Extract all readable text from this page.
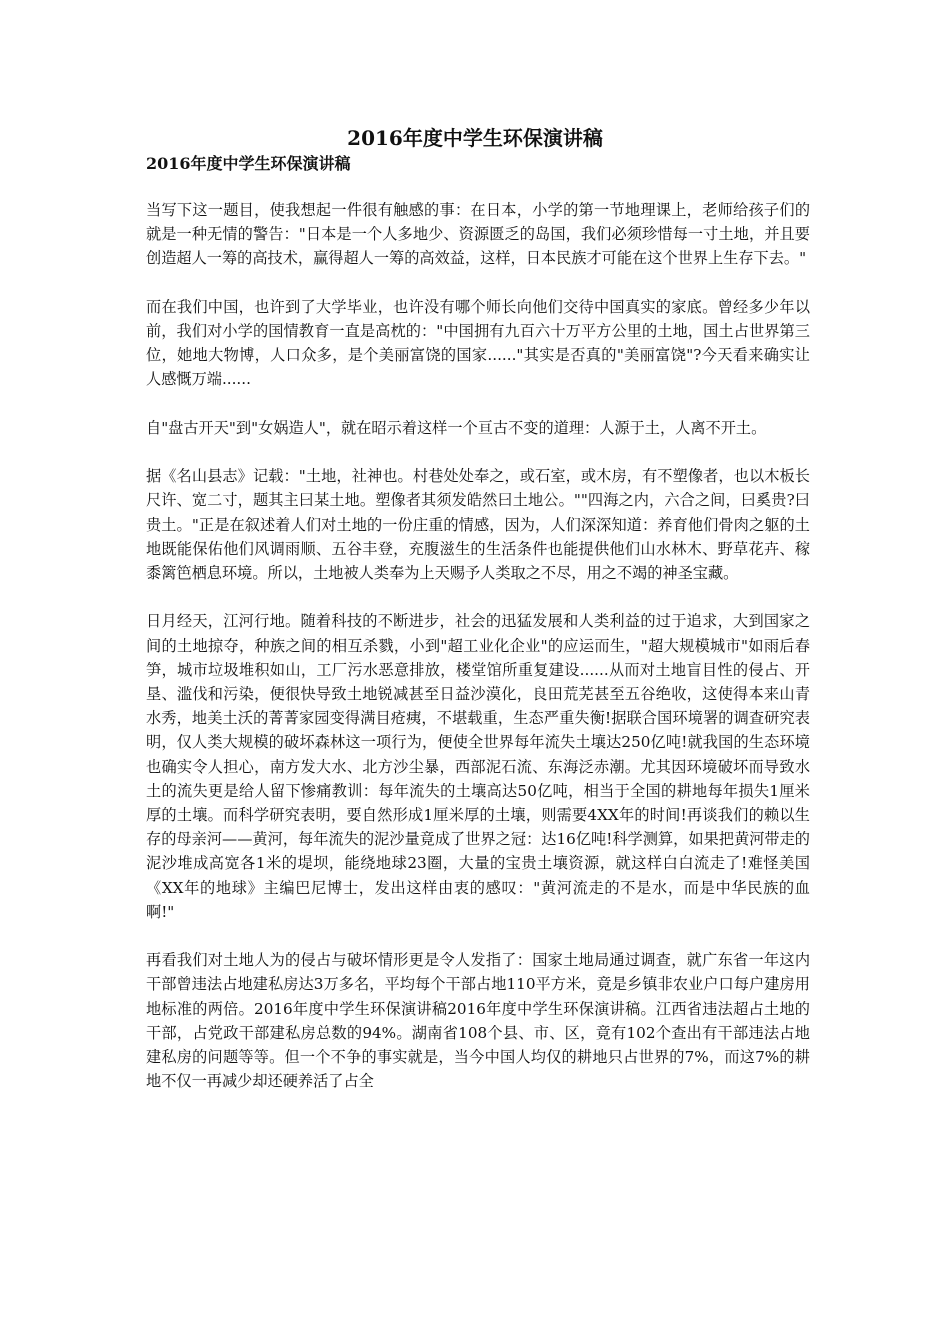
2016年度中学生环保演讲稿
2016年度中学生环保演讲稿

当写下这一题目，使我想起一件很有触感的事：在日本，小学的第一节地理课上，老师给孩子们的就是一种无情的警告："日本是一个人多地少、资源匮乏的岛国，我们必须珍惜每一寸土地，并且要创造超人一筹的高技术，赢得超人一筹的高效益，这样，日本民族才可能在这个世界上生存下去。"

而在我们中国，也许到了大学毕业，也许没有哪个师长向他们交待中国真实的家底。曾经多少年以前，我们对小学的国情教育一直是高枕的："中国拥有九百六十万平方公里的土地，国土占世界第三位，她地大物博，人口众多，是个美丽富饶的国家......"其实是否真的"美丽富饶"?今天看来确实让人感慨万端......

自"盘古开天"到"女娲造人"，就在昭示着这样一个亘古不变的道理：人源于土，人离不开土。

据《名山县志》记载："土地，社神也。村巷处处奉之，或石室，或木房，有不塑像者，也以木板长尺许、宽二寸，题其主曰某土地。塑像者其须发皓然曰土地公。""四海之内，六合之间，曰奚贵?曰贵土。"正是在叙述着人们对土地的一份庄重的情感，因为，人们深深知道：养育他们骨肉之躯的土地既能保佑他们风调雨顺、五谷丰登，充腹滋生的生活条件也能提供他们山水林木、野草花卉、稼黍篱笆栖息环境。所以，土地被人类奉为上天赐予人类取之不尽，用之不竭的神圣宝藏。

日月经天，江河行地。随着科技的不断进步，社会的迅猛发展和人类利益的过于追求，大到国家之间的土地掠夺，种族之间的相互杀戮，小到"超工业化企业"的应运而生，"超大规模城市"如雨后春笋，城市垃圾堆积如山，工厂污水恶意排放，楼堂馆所重复建设......从而对土地盲目性的侵占、开垦、滥伐和污染，便很快导致土地锐减甚至日益沙漠化，良田荒芜甚至五谷绝收，这使得本来山青水秀，地美土沃的菁菁家园变得满目疮痍，不堪载重，生态严重失衡!据联合国环境署的调查研究表明，仅人类大规模的破坏森林这一项行为，便使全世界每年流失土壤达250亿吨!就我国的生态环境也确实令人担心，南方发大水、北方沙尘暴，西部泥石流、东海泛赤潮。尤其因环境破坏而导致水土的流失更是给人留下惨痛教训：每年流失的土壤高达50亿吨，相当于全国的耕地每年损失1厘米厚的土壤。而科学研究表明，要自然形成1厘米厚的土壤，则需要4XX年的时间!再谈我们的赖以生存的母亲河——黄河，每年流失的泥沙量竟成了世界之冠：达16亿吨!科学测算，如果把黄河带走的泥沙堆成高宽各1米的堤坝，能绕地球23圈，大量的宝贵土壤资源，就这样白白流走了!难怪美国《XX年的地球》主编巴尼博士，发出这样由衷的感叹："黄河流走的不是水，而是中华民族的血啊!"

再看我们对土地人为的侵占与破坏情形更是令人发指了：国家土地局通过调查，就广东省一年这内干部曾违法占地建私房达3万多名，平均每个干部占地110平方米，竟是乡镇非农业户口每户建房用地标准的两倍。2016年度中学生环保演讲稿2016年度中学生环保演讲稿。江西省违法超占土地的干部，占党政干部建私房总数的94%。湖南省108个县、市、区，竟有102个查出有干部违法占地建私房的问题等等。但一个不争的事实就是，当今中国人均仅的耕地只占世界的7%，而这7%的耕地不仅一再减少却还硬养活了占全
